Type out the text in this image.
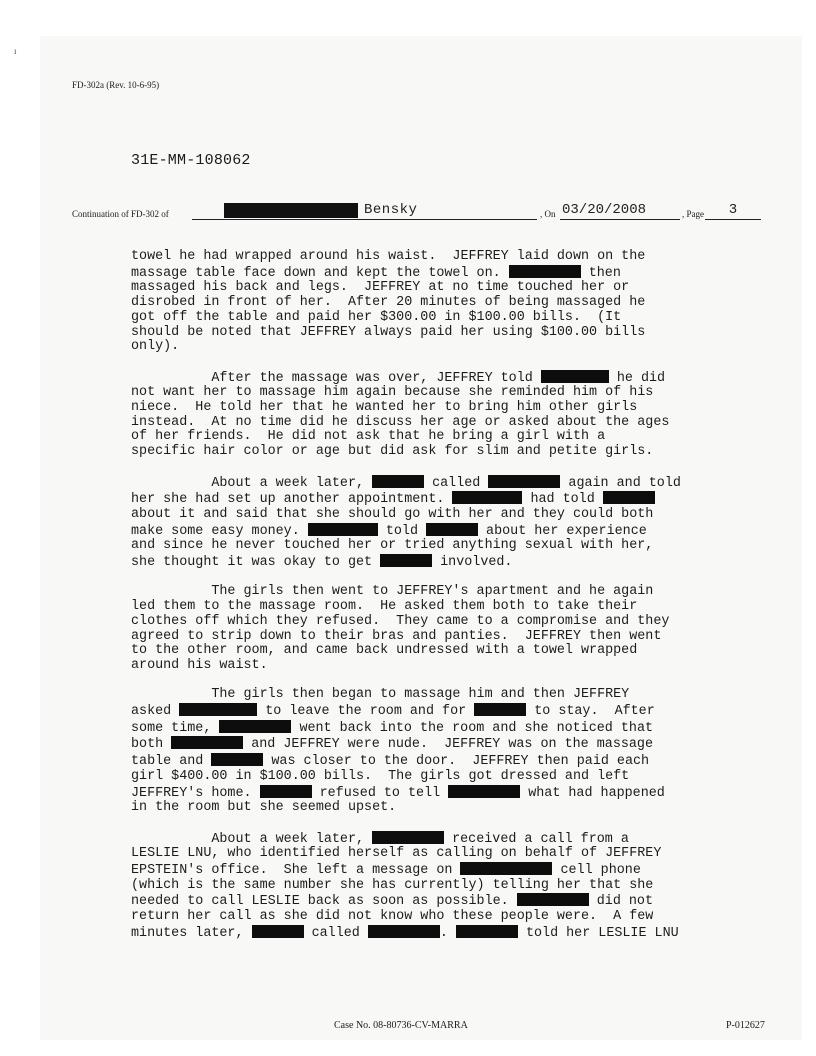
ı
FD-302a (Rev. 10-6-95)
31E-MM-108062
Continuation of FD-302 of	Bensky	, On 03/20/2008	, Page	3
towel he had wrapped around his waist.  JEFFREY laid down on the
massage table face down and kept the towel on.	then
massaged his back and legs.  JEFFREY at no time touched her or
disrobed in front of her.  After 20 minutes of being massaged he
got off the table and paid her $300.00 in $100.00 bills.  (It
should be noted that JEFFREY always paid her using $100.00 bills
only).
After the massage was over, JEFFREY told	he did
not want her to massage him again because she reminded him of his
niece.  He told her that he wanted her to bring him other girls
instead.  At no time did he discuss her age or asked about the ages
of her friends.  He did not ask that he bring a girl with a
specific hair color or age but did ask for slim and petite girls.
About a week later,	called	again and told
her she had set up another appointment.	had told
about it and said that she should go with her and they could both
make some easy money.	told	about her experience
and since he never touched her or tried anything sexual with her,
she thought it was okay to get	involved.
The girls then went to JEFFREY's apartment and he again
led them to the massage room.  He asked them both to take their
clothes off which they refused.  They came to a compromise and they
agreed to strip down to their bras and panties.  JEFFREY then went
to the other room, and came back undressed with a towel wrapped
around his waist.
The girls then began to massage him and then JEFFREY
asked	to leave the room and for	to stay.  After
some time,	went back into the room and she noticed that
both	and JEFFREY were nude.  JEFFREY was on the massage
table and	was closer to the door.  JEFFREY then paid each
girl $400.00 in $100.00 bills.  The girls got dressed and left
JEFFREY's home.	refused to tell	what had happened
in the room but she seemed upset.
About a week later,	received a call from a
LESLIE LNU, who identified herself as calling on behalf of JEFFREY
EPSTEIN's office.  She left a message on	cell phone
(which is the same number she has currently) telling her that she
needed to call LESLIE back as soon as possible.	did not
return her call as she did not know who these people were.  A few
minutes later,	called	.	told her LESLIE LNU
Case No. 08-80736-CV-MARRA	P-012627
